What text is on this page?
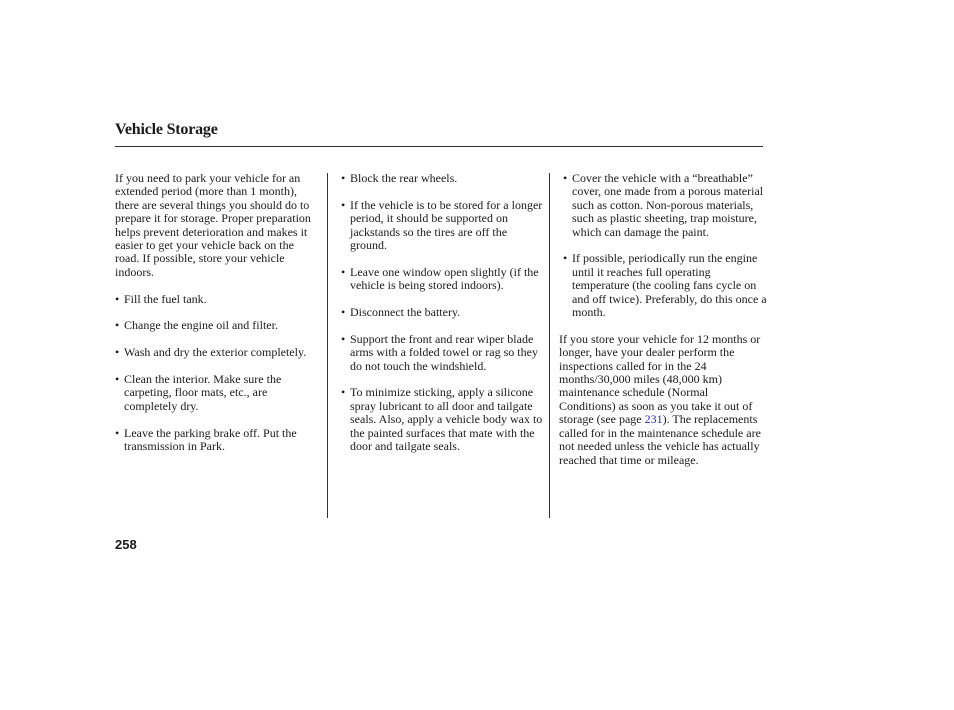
Vehicle Storage

If you need to park your vehicle for an extended period (more than 1 month), there are several things you should do to prepare it for storage. Proper preparation helps prevent deterioration and makes it easier to get your vehicle back on the road. If possible, store your vehicle indoors.

• Fill the fuel tank.
• Change the engine oil and filter.
• Wash and dry the exterior completely.
• Clean the interior. Make sure the carpeting, floor mats, etc., are completely dry.
• Leave the parking brake off. Put the transmission in Park.
• Block the rear wheels.
• If the vehicle is to be stored for a longer period, it should be supported on jackstands so the tires are off the ground.
• Leave one window open slightly (if the vehicle is being stored indoors).
• Disconnect the battery.
• Support the front and rear wiper blade arms with a folded towel or rag so they do not touch the windshield.
• To minimize sticking, apply a silicone spray lubricant to all door and tailgate seals. Also, apply a vehicle body wax to the painted surfaces that mate with the door and tailgate seals.
• Cover the vehicle with a “breathable” cover, one made from a porous material such as cotton. Non-porous materials, such as plastic sheeting, trap moisture, which can damage the paint.
• If possible, periodically run the engine until it reaches full operating temperature (the cooling fans cycle on and off twice). Preferably, do this once a month.

If you store your vehicle for 12 months or longer, have your dealer perform the inspections called for in the 24 months/30,000 miles (48,000 km) maintenance schedule (Normal Conditions) as soon as you take it out of storage (see page 231). The replacements called for in the maintenance schedule are not needed unless the vehicle has actually reached that time or mileage.

258
